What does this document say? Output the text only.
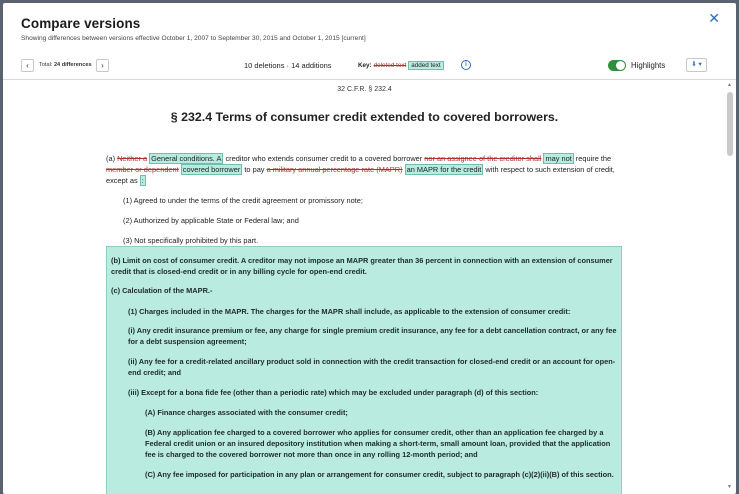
Compare versions
Showing differences between versions effective October 1, 2007 to September 30, 2015 and October 1, 2015 [current]
✕
‹	Total: 24 differences	›	10 deletions · 14 additions	Key: deleted text added text	i	Highlights	⬇ ▾
32 C.F.R. § 232.4
§ 232.4 Terms of consumer credit extended to covered borrowers.
(a) Neither a General conditions. A creditor who extends consumer credit to a covered borrower nor an assignee of the creditor shall may not require the member or dependent covered borrower to pay a military annual percentage rate (MAPR) an MAPR for the credit with respect to such extension of credit, except as :
(1) Agreed to under the terms of the credit agreement or promissory note;
(2) Authorized by applicable State or Federal law; and
(3) Not specifically prohibited by this part.
(b) Limit on cost of consumer credit. A creditor may not impose an MAPR greater than 36 percent in connection with an extension of consumer credit that is closed-end credit or in any billing cycle for open-end credit.
(c) Calculation of the MAPR.-
(1) Charges included in the MAPR. The charges for the MAPR shall include, as applicable to the extension of consumer credit:
(i) Any credit insurance premium or fee, any charge for single premium credit insurance, any fee for a debt cancellation contract, or any fee for a debt suspension agreement;
(ii) Any fee for a credit-related ancillary product sold in connection with the credit transaction for closed-end credit or an account for open-end credit; and
(iii) Except for a bona fide fee (other than a periodic rate) which may be excluded under paragraph (d) of this section:
(A) Finance charges associated with the consumer credit;
(B) Any application fee charged to a covered borrower who applies for consumer credit, other than an application fee charged by a Federal credit union or an insured depository institution when making a short-term, small amount loan, provided that the application fee is charged to the covered borrower not more than once in any rolling 12-month period; and
(C) Any fee imposed for participation in any plan or arrangement for consumer credit, subject to paragraph (c)(2)(ii)(B) of this section.
▲
▼
